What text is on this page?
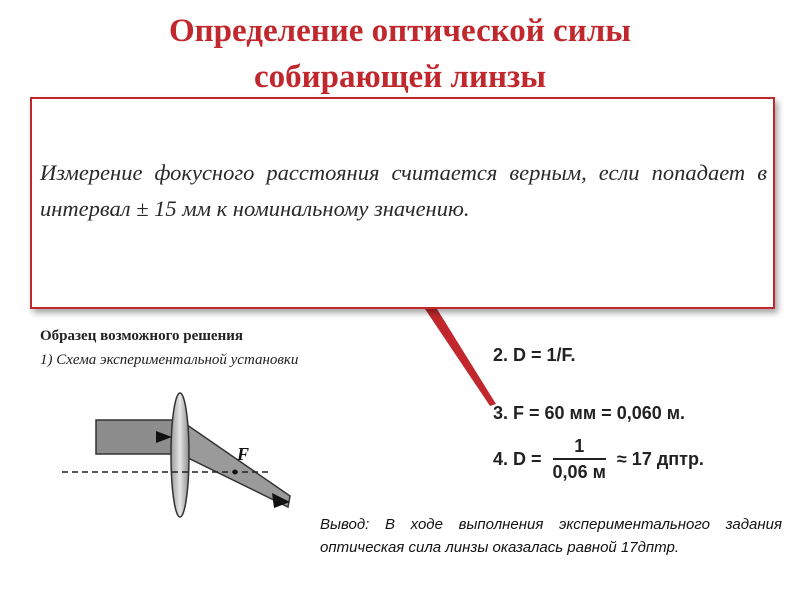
Определение оптической силы
собирающей линзы
Измерение фокусного расстояния считается верным, если попадает в интервал ± 15 мм к номинальному значению.
Образец возможного решения
1) Схема экспериментальной установки
F
2. D = 1/F.
3. F = 60 мм = 0,060 м.
4. $D = \frac{1}{0,06 м} \approx 17$ дптр.
Вывод: В ходе выполнения экспериментального задания оптическая сила линзы оказалась равной 17дптр.
